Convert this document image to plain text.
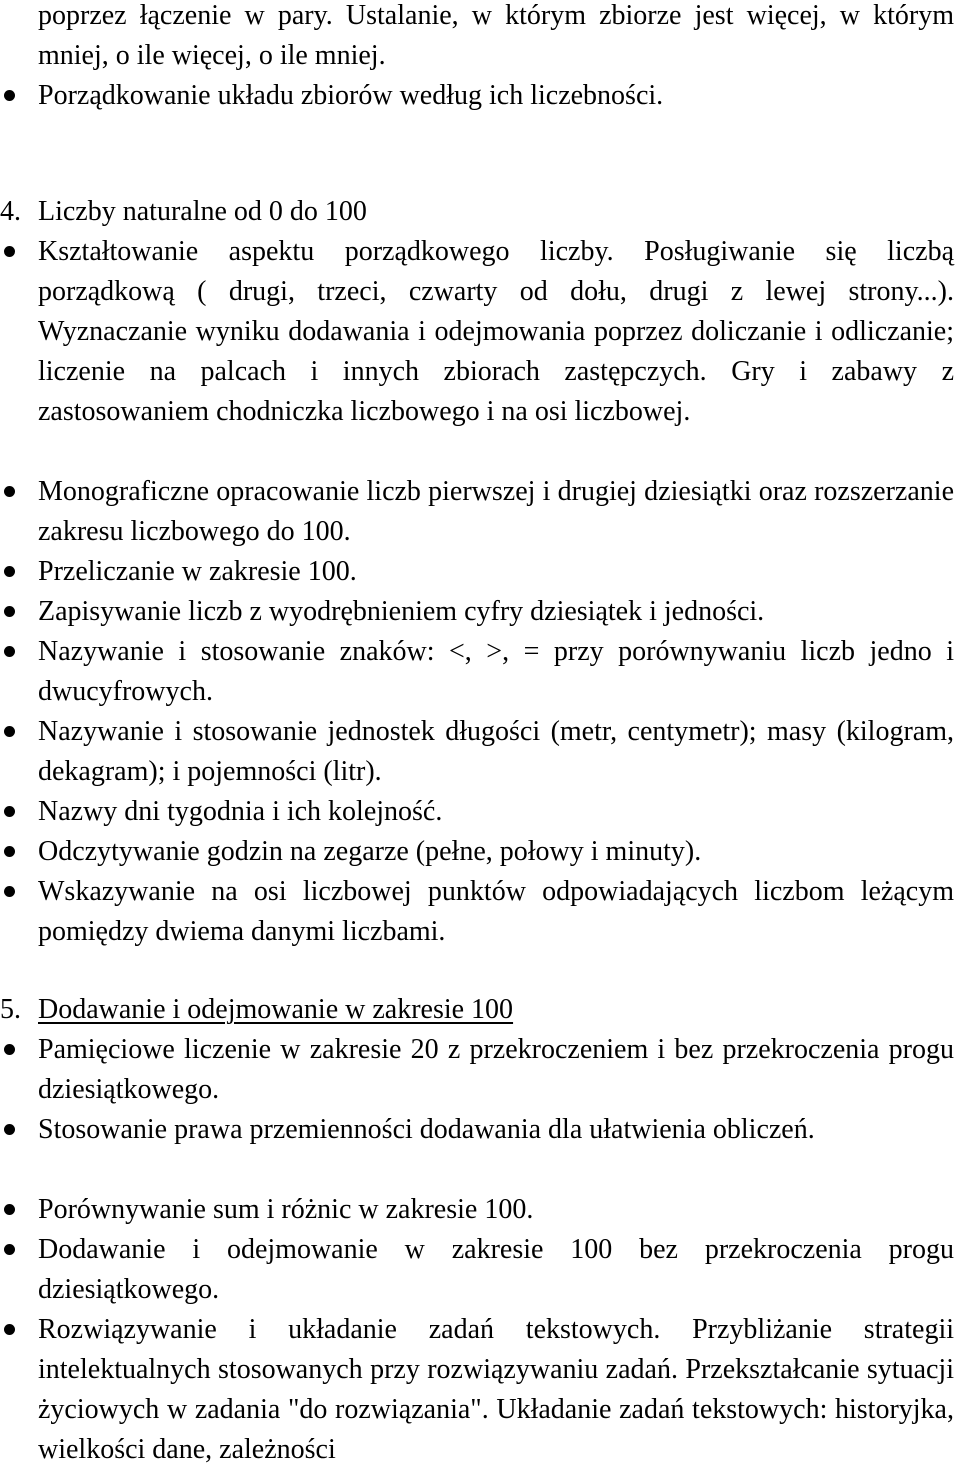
poprzez łączenie w pary. Ustalanie, w którym zbiorze jest więcej, w którym mniej, o ile więcej, o ile mniej.

Porządkowanie układu zbiorów według ich liczebności.

4. Liczby naturalne od 0 do 100

Kształtowanie aspektu porządkowego liczby. Posługiwanie się liczbą porządkową ( drugi, trzeci, czwarty od dołu, drugi z lewej strony...). Wyznaczanie wyniku dodawania i odejmowania poprzez doliczanie i odliczanie; liczenie na palcach i innych zbiorach zastępczych. Gry i zabawy z zastosowaniem chodniczka liczbowego i na osi liczbowej.

Monograficzne opracowanie liczb pierwszej i drugiej dziesiątki oraz rozszerzanie zakresu liczbowego do 100.

Przeliczanie w zakresie 100.

Zapisywanie liczb z wyodrębnieniem cyfry dziesiątek i jedności.

Nazywanie i stosowanie znaków: <, >, = przy porównywaniu liczb jedno i dwucyfrowych.

Nazywanie i stosowanie jednostek długości (metr, centymetr); masy (kilogram, dekagram); i pojemności (litr).

Nazwy dni tygodnia i ich kolejność.

Odczytywanie godzin na zegarze (pełne, połowy i minuty).

Wskazywanie na osi liczbowej punktów odpowiadających liczbom leżącym pomiędzy dwiema danymi liczbami.

5. Dodawanie i odejmowanie w zakresie 100

Pamięciowe liczenie w zakresie 20 z przekroczeniem i bez przekroczenia progu dziesiątkowego.

Stosowanie prawa przemienności dodawania dla ułatwienia obliczeń.

Porównywanie sum i różnic w zakresie 100.

Dodawanie i odejmowanie w zakresie 100 bez przekroczenia progu dziesiątkowego.

Rozwiązywanie i układanie zadań tekstowych. Przybliżanie strategii intelektualnych stosowanych przy rozwiązywaniu zadań. Przekształcanie sytuacji życiowych w zadania "do rozwiązania". Układanie zadań tekstowych: historyjka, wielkości dane, zależności
